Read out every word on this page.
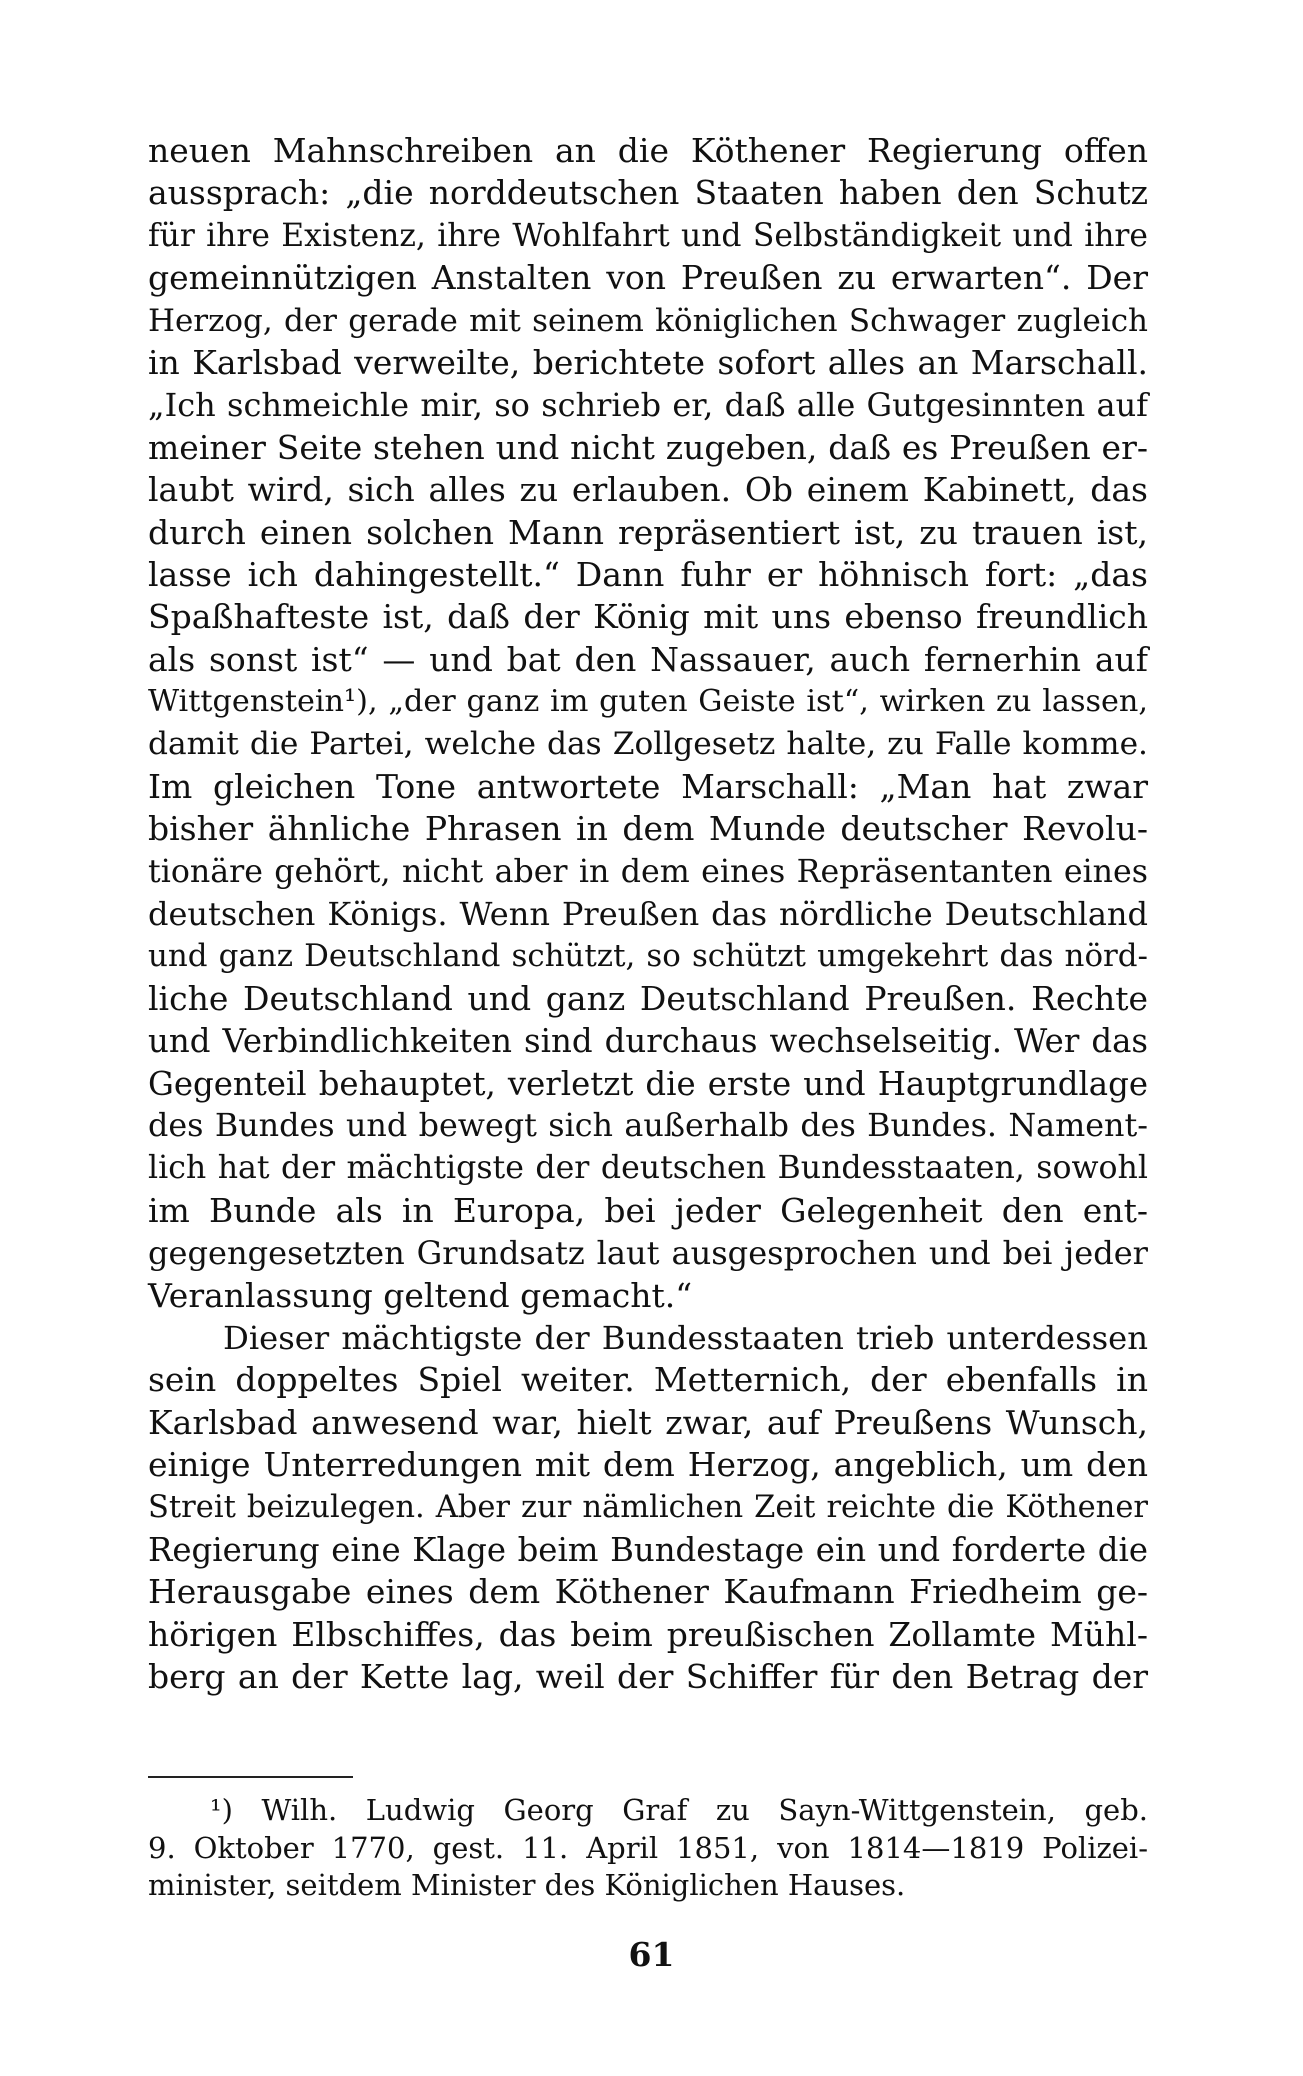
neuen Mahnschreiben an die Köthener Regierung offen
aussprach: „die norddeutschen Staaten haben den Schutz
für ihre Existenz, ihre Wohlfahrt und Selbständigkeit und ihre
gemeinnützigen Anstalten von Preußen zu erwarten“. Der
Herzog, der gerade mit seinem königlichen Schwager zugleich
in Karlsbad verweilte, berichtete sofort alles an Marschall.
„Ich schmeichle mir, so schrieb er, daß alle Gutgesinnten auf
meiner Seite stehen und nicht zugeben, daß es Preußen er-
laubt wird, sich alles zu erlauben. Ob einem Kabinett, das
durch einen solchen Mann repräsentiert ist, zu trauen ist,
lasse ich dahingestellt.“ Dann fuhr er höhnisch fort: „das
Spaßhafteste ist, daß der König mit uns ebenso freundlich
als sonst ist“ — und bat den Nassauer, auch fernerhin auf
Wittgenstein¹), „der ganz im guten Geiste ist“, wirken zu lassen,
damit die Partei, welche das Zollgesetz halte, zu Falle komme.
Im gleichen Tone antwortete Marschall: „Man hat zwar
bisher ähnliche Phrasen in dem Munde deutscher Revolu-
tionäre gehört, nicht aber in dem eines Repräsentanten eines
deutschen Königs. Wenn Preußen das nördliche Deutschland
und ganz Deutschland schützt, so schützt umgekehrt das nörd-
liche Deutschland und ganz Deutschland Preußen. Rechte
und Verbindlichkeiten sind durchaus wechselseitig. Wer das
Gegenteil behauptet, verletzt die erste und Hauptgrundlage
des Bundes und bewegt sich außerhalb des Bundes. Nament-
lich hat der mächtigste der deutschen Bundesstaaten, sowohl
im Bunde als in Europa, bei jeder Gelegenheit den ent-
gegengesetzten Grundsatz laut ausgesprochen und bei jeder
Veranlassung geltend gemacht.“
Dieser mächtigste der Bundesstaaten trieb unterdessen
sein doppeltes Spiel weiter. Metternich, der ebenfalls in
Karlsbad anwesend war, hielt zwar, auf Preußens Wunsch,
einige Unterredungen mit dem Herzog, angeblich, um den
Streit beizulegen. Aber zur nämlichen Zeit reichte die Köthener
Regierung eine Klage beim Bundestage ein und forderte die
Herausgabe eines dem Köthener Kaufmann Friedheim ge-
hörigen Elbschiffes, das beim preußischen Zollamte Mühl-
berg an der Kette lag, weil der Schiffer für den Betrag der
¹) Wilh. Ludwig Georg Graf zu Sayn-Wittgenstein, geb.
9. Oktober 1770, gest. 11. April 1851, von 1814—1819 Polizei-
minister, seitdem Minister des Königlichen Hauses.
61
